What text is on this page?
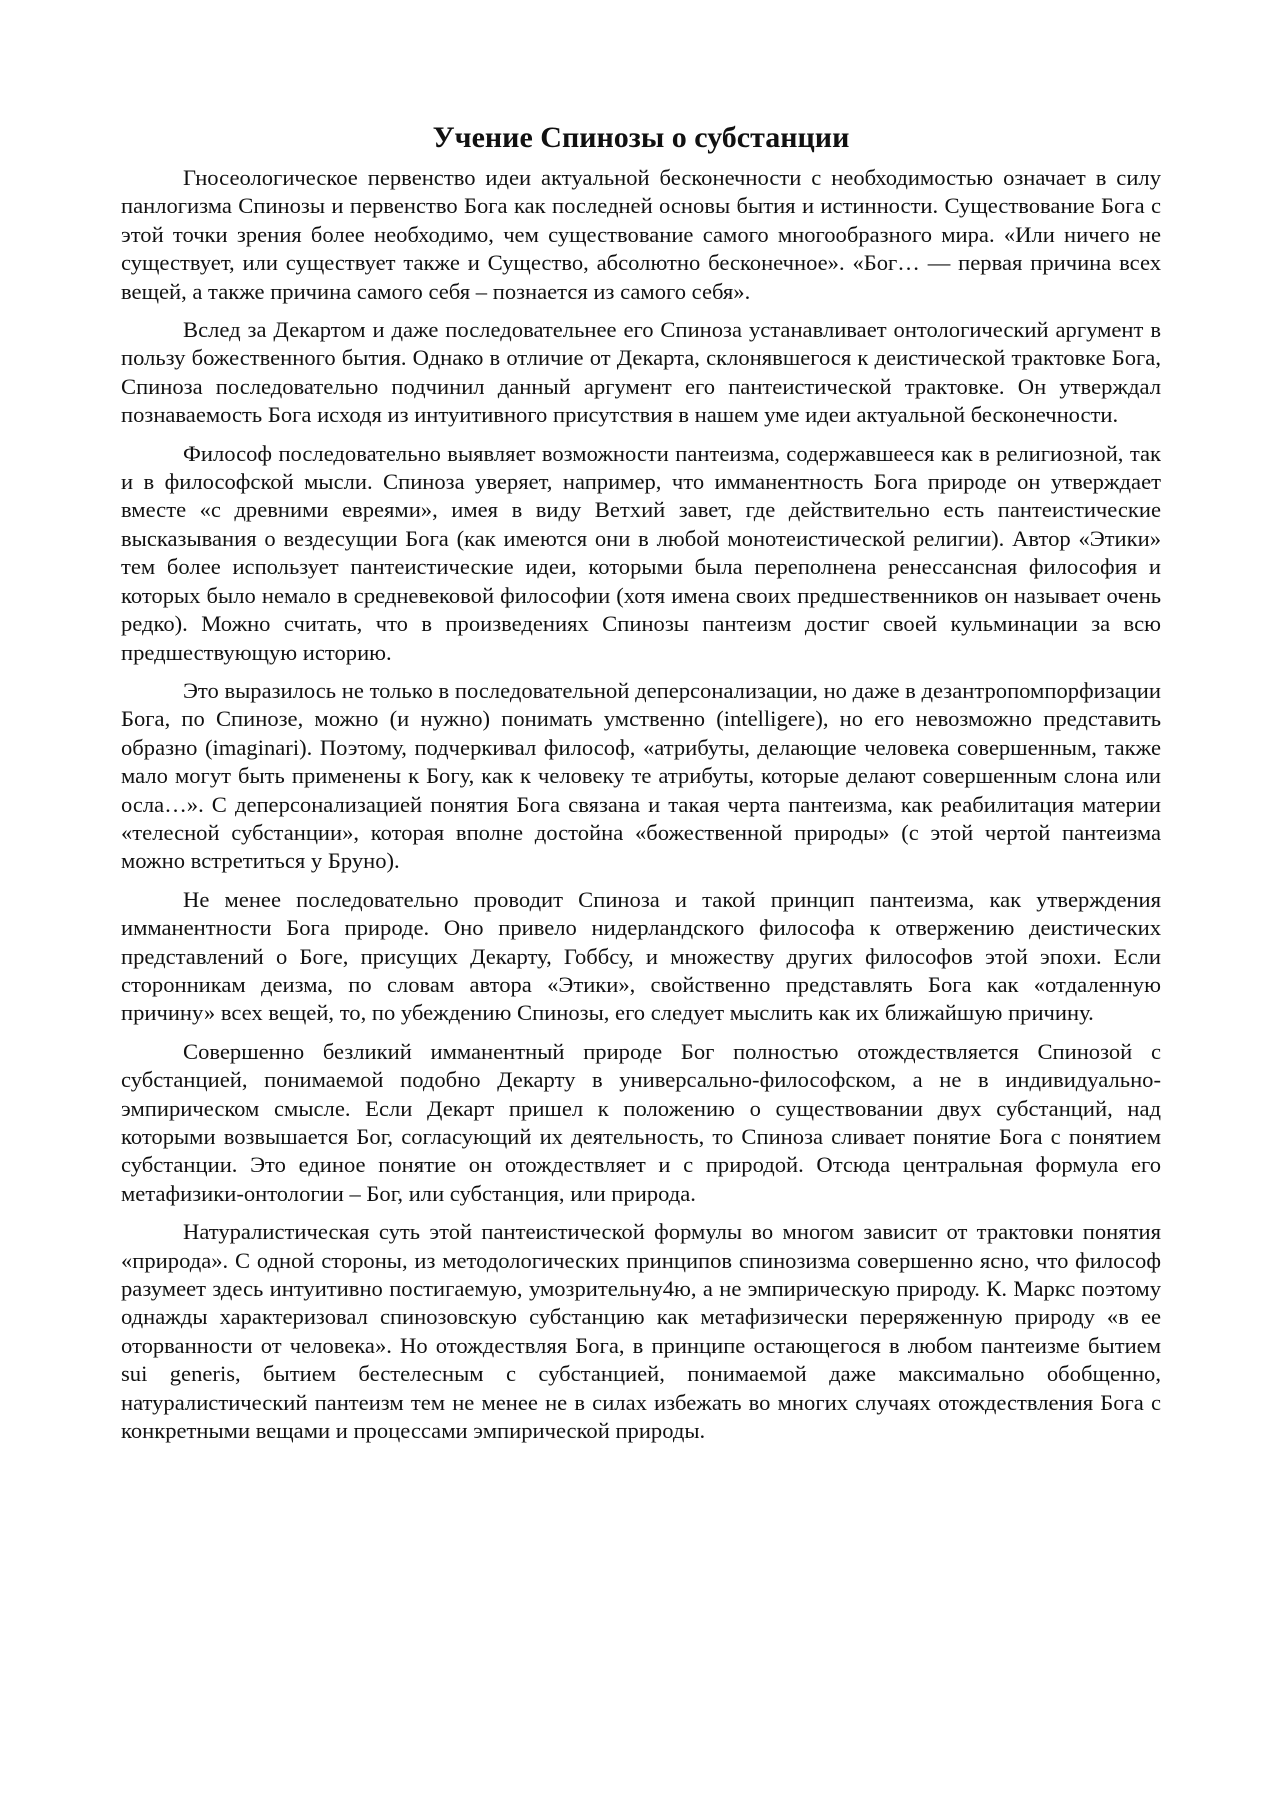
Учение Спинозы о субстанции

Гносеологическое первенство идеи актуальной бесконечности с необходимостью означает в силу панлогизма Спинозы и первенство Бога как последней основы бытия и истинности. Существование Бога с этой точки зрения более необходимо, чем существование самого многообразного мира. «Или ничего не существует, или существует также и Существо, абсолютно бесконечное». «Бог… — первая причина всех вещей, а также причина самого себя – познается из самого себя».

Вслед за Декартом и даже последовательнее его Спиноза устанавливает онтологический аргумент в пользу божественного бытия. Однако в отличие от Декарта, склонявшегося к деистической трактовке Бога, Спиноза последовательно подчинил данный аргумент его пантеистической трактовке. Он утверждал познаваемость Бога исходя из интуитивного присутствия в нашем уме идеи актуальной бесконечности.

Философ последовательно выявляет возможности пантеизма, содержавшееся как в религиозной, так и в философской мысли. Спиноза уверяет, например, что имманентность Бога природе он утверждает вместе «с древними евреями», имея в виду Ветхий завет, где действительно есть пантеистические высказывания о вездесущии Бога (как имеются они в любой монотеистической религии). Автор «Этики» тем более использует пантеистические идеи, которыми была переполнена ренессансная философия и которых было немало в средневековой философии (хотя имена своих предшественников он называет очень редко). Можно считать, что в произведениях Спинозы пантеизм достиг своей кульминации за всю предшествующую историю.

Это выразилось не только в последовательной деперсонализации, но даже в дезантропомпорфизации Бога, по Спинозе, можно (и нужно) понимать умственно (intelligere), но его невозможно представить образно (imaginari). Поэтому, подчеркивал философ, «атрибуты, делающие человека совершенным, также мало могут быть применены к Богу, как к человеку те атрибуты, которые делают совершенным слона или осла…». С деперсонализацией понятия Бога связана и такая черта пантеизма, как реабилитация материи «телесной субстанции», которая вполне достойна «божественной природы» (с этой чертой пантеизма можно встретиться у Бруно).

Не менее последовательно проводит Спиноза и такой принцип пантеизма, как утверждения имманентности Бога природе. Оно привело нидерландского философа к отвержению деистических представлений о Боге, присущих Декарту, Гоббсу, и множеству других философов этой эпохи. Если сторонникам деизма, по словам автора «Этики», свойственно представлять Бога как «отдаленную причину» всех вещей, то, по убеждению Спинозы, его следует мыслить как их ближайшую причину.

Совершенно безликий имманентный природе Бог полностью отождествляется Спинозой с субстанцией, понимаемой подобно Декарту в универсально-философском, а не в индивидуально-эмпирическом смысле. Если Декарт пришел к положению о существовании двух субстанций, над которыми возвышается Бог, согласующий их деятельность, то Спиноза сливает понятие Бога с понятием субстанции. Это единое понятие он отождествляет и с природой. Отсюда центральная формула его метафизики-онтологии – Бог, или субстанция, или природа.

Натуралистическая суть этой пантеистической формулы во многом зависит от трактовки понятия «природа». С одной стороны, из методологических принципов спинозизма совершенно ясно, что философ разумеет здесь интуитивно постигаемую, умозрительну4ю, а не эмпирическую природу. К. Маркс поэтому однажды характеризовал спинозовскую субстанцию как метафизически переряженную природу «в ее оторванности от человека». Но отождествляя Бога, в принципе остающегося в любом пантеизме бытием sui generis, бытием бестелесным с субстанцией, понимаемой даже максимально обобщенно, натуралистический пантеизм тем не менее не в силах избежать во многих случаях отождествления Бога с конкретными вещами и процессами эмпирической природы.
